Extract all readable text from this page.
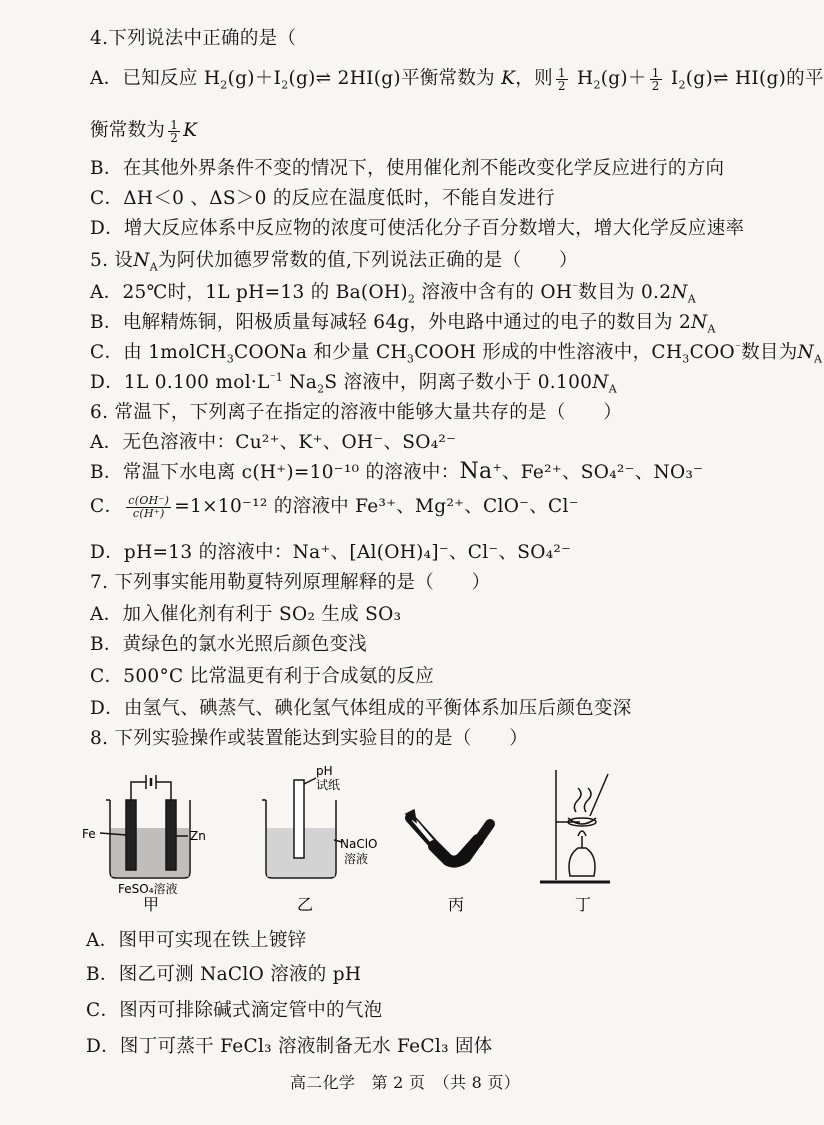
4.下列说法中正确的是（
A．已知反应 $H_2(g)+I_2(g)\rightleftharpoons$ 2HI(g)平衡常数为 K，则 $\frac{1}{2} H_2(g)+ \frac{1}{2}$ $I_2(g)\rightleftharpoons$ HI(g)的平
衡常数为 $\frac{1}{2}$ K
B．在其他外界条件不变的情况下，使用催化剂不能改变化学反应进行的方向
C．ΔH＜0 、ΔS＞0 的反应在温度低时，不能自发进行
D．增大反应体系中反应物的浓度可使活化分子百分数增大，增大化学反应速率
5. 设$N_A$为阿伏加德罗常数的值,下列说法正确的是（　　）
A．25℃时，1L pH=13 的 $Ba(OH)_2$ 溶液中含有的 OH⁻数目为 $0.2N_A$
B．电解精炼铜，阳极质量每减轻 64g，外电路中通过的电子的数目为 $2N_A$
C．由 1molCH$_3$COONa 和少量 $CH_3COOH$ 形成的中性溶液中，$CH_3COO^{^-}$数目为$N_A$
D．1L 0.100 $mol\cdot L^{^-1}$ $Na_2S$ 溶液中，阴离子数小于 $0.100N_A$
6. 常温下，下列离子在指定的溶液中能够大量共存的是（　　）
A．无色溶液中：Cu²⁺、K⁺、OH⁻、SO₄²⁻
B．常温下水电离 c(H⁺)=10⁻¹⁰ 的溶液中：Na+、Fe²⁺、SO₄²⁻、NO₃⁻
C． $\frac{c(OH^-)}{c(H^+)} =1\times 10^{-12}$ 的溶液中 Fe³⁺、Mg²⁺、ClO⁻、Cl⁻
D．pH=13 的溶液中：Na⁺、[Al(OH)₄]⁻、Cl⁻、SO₄²⁻
7. 下列事实能用勒夏特列原理解释的是（　　）
A．加入催化剂有利于 SO₂ 生成 SO₃
B．黄绿色的氯水光照后颜色变浅
C．500°C 比常温更有利于合成氨的反应
D．由氢气、碘蒸气、碘化氢气体组成的平衡体系加压后颜色变深
8. 下列实验操作或装置能达到实验目的的是（　　）
Fe	Zn
FeSO₄溶液
甲
pH
试纸
NaClO
溶液
乙	丙	丁
A．图甲可实现在铁上镀锌
B．图乙可测 NaClO 溶液的 pH
C．图丙可排除碱式滴定管中的气泡
D．图丁可蒸干 FeCl₃ 溶液制备无水 FeCl₃ 固体
高二化学　第 2 页　（共 8 页）
